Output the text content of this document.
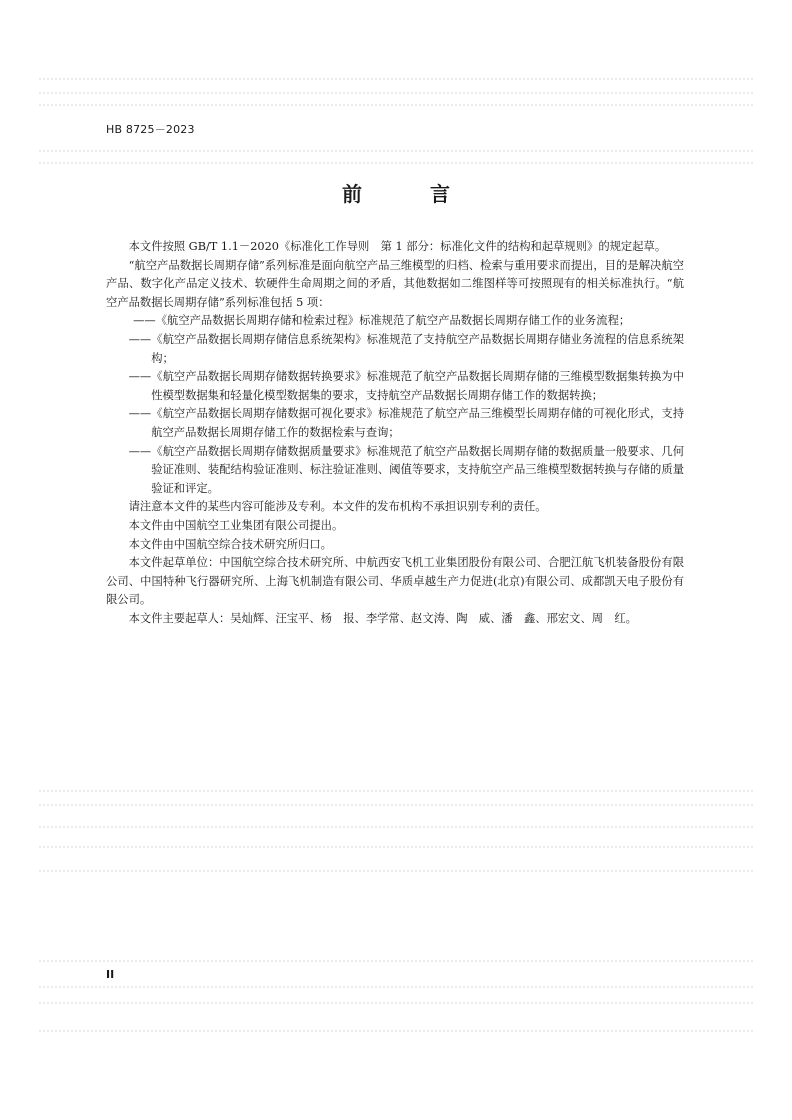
HB 8725－2023
前　言

本文件按照 GB/T 1.1－2020《标准化工作导则　第 1 部分：标准化文件的结构和起草规则》的规定起草。

“航空产品数据长周期存储”系列标准是面向航空产品三维模型的归档、检索与重用要求而提出，目的是解决航空产品、数字化产品定义技术、软硬件生命周期之间的矛盾，其他数据如二维图样等可按照现有的相关标准执行。“航空产品数据长周期存储”系列标准包括 5 项：

——《航空产品数据长周期存储和检索过程》标准规范了航空产品数据长周期存储工作的业务流程；

——《航空产品数据长周期存储信息系统架构》标准规范了支持航空产品数据长周期存储业务流程的信息系统架构；

——《航空产品数据长周期存储数据转换要求》标准规范了航空产品数据长周期存储的三维模型数据集转换为中性模型数据集和轻量化模型数据集的要求，支持航空产品数据长周期存储工作的数据转换；

——《航空产品数据长周期存储数据可视化要求》标准规范了航空产品三维模型长周期存储的可视化形式，支持航空产品数据长周期存储工作的数据检索与查询；

——《航空产品数据长周期存储数据质量要求》标准规范了航空产品数据长周期存储的数据质量一般要求、几何验证准则、装配结构验证准则、标注验证准则、阈值等要求，支持航空产品三维模型数据转换与存储的质量验证和评定。

请注意本文件的某些内容可能涉及专利。本文件的发布机构不承担识别专利的责任。

本文件由中国航空工业集团有限公司提出。

本文件由中国航空综合技术研究所归口。

本文件起草单位：中国航空综合技术研究所、中航西安飞机工业集团股份有限公司、合肥江航飞机装备股份有限公司、中国特种飞行器研究所、上海飞机制造有限公司、华质卓越生产力促进(北京)有限公司、成都凯天电子股份有限公司。

本文件主要起草人：吴灿辉、汪宝平、杨　报、李学常、赵文涛、陶　威、潘　鑫、邢宏文、周　红。

II
